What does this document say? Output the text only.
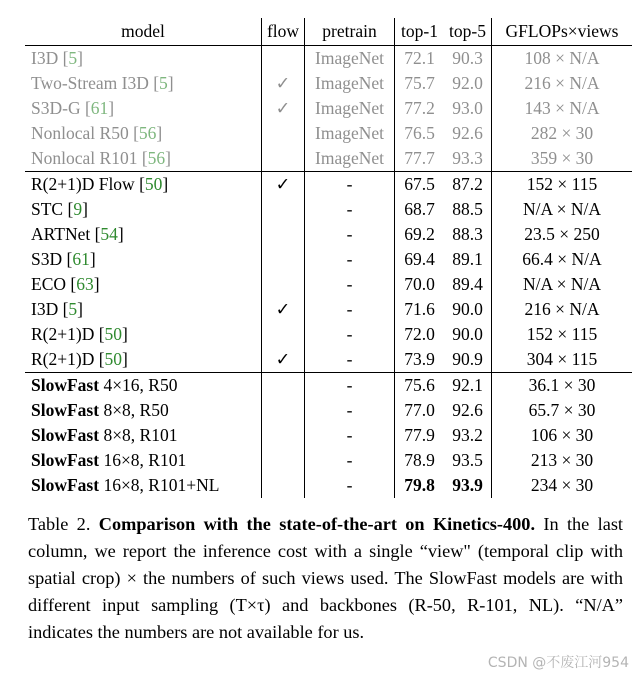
model	flow	pretrain	top-1	top-5	GFLOPs×views
I3D [5]		ImageNet	72.1	90.3	108 × N/A
Two-Stream I3D [5]	✓	ImageNet	75.7	92.0	216 × N/A
S3D-G [61]	✓	ImageNet	77.2	93.0	143 × N/A
Nonlocal R50 [56]		ImageNet	76.5	92.6	282 × 30
Nonlocal R101 [56]		ImageNet	77.7	93.3	359 × 30
R(2+1)D Flow [50]	✓	-	67.5	87.2	152 × 115
STC [9]		-	68.7	88.5	N/A × N/A
ARTNet [54]		-	69.2	88.3	23.5 × 250
S3D [61]		-	69.4	89.1	66.4 × N/A
ECO [63]		-	70.0	89.4	N/A × N/A
I3D [5]	✓	-	71.6	90.0	216 × N/A
R(2+1)D [50]		-	72.0	90.0	152 × 115
R(2+1)D [50]	✓	-	73.9	90.9	304 × 115
SlowFast 4×16, R50		-	75.6	92.1	36.1 × 30
SlowFast 8×8, R50		-	77.0	92.6	65.7 × 30
SlowFast 8×8, R101		-	77.9	93.2	106 × 30
SlowFast 16×8, R101		-	78.9	93.5	213 × 30
SlowFast 16×8, R101+NL		-	79.8	93.9	234 × 30
Table 2. Comparison with the state-of-the-art on Kinetics-400. In the last column, we report the inference cost with a single “view" (temporal clip with spatial crop) × the numbers of such views used. The SlowFast models are with different input sampling (T×τ) and backbones (R-50, R-101, NL). “N/A” indicates the numbers are not available for us.
CSDN @不废江河954
